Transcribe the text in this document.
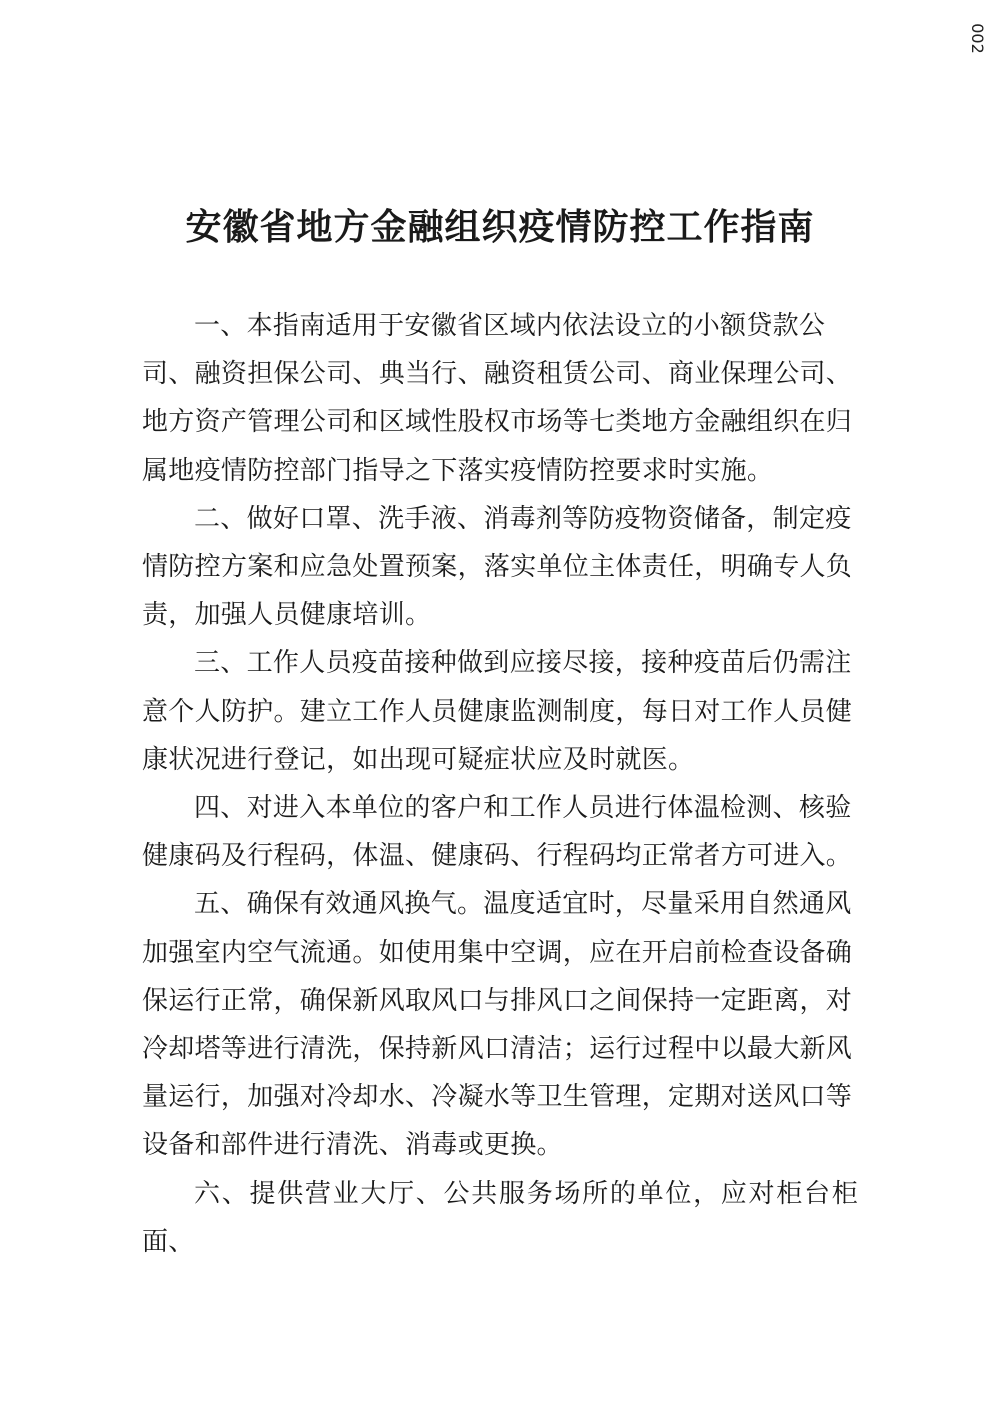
002
安徽省地方金融组织疫情防控工作指南

一、本指南适用于安徽省区域内依法设立的小额贷款公
司、融资担保公司、典当行、融资租赁公司、商业保理公司、
地方资产管理公司和区域性股权市场等七类地方金融组织在归
属地疫情防控部门指导之下落实疫情防控要求时实施。

二、做好口罩、洗手液、消毒剂等防疫物资储备，制定疫
情防控方案和应急处置预案，落实单位主体责任，明确专人负
责，加强人员健康培训。

三、工作人员疫苗接种做到应接尽接，接种疫苗后仍需注
意个人防护。建立工作人员健康监测制度，每日对工作人员健
康状况进行登记，如出现可疑症状应及时就医。

四、对进入本单位的客户和工作人员进行体温检测、核验
健康码及行程码，体温、健康码、行程码均正常者方可进入。

五、确保有效通风换气。温度适宜时，尽量采用自然通风
加强室内空气流通。如使用集中空调，应在开启前检查设备确
保运行正常，确保新风取风口与排风口之间保持一定距离，对
冷却塔等进行清洗，保持新风口清洁；运行过程中以最大新风
量运行，加强对冷却水、冷凝水等卫生管理，定期对送风口等
设备和部件进行清洗、消毒或更换。

六、提供营业大厅、公共服务场所的单位，应对柜台柜面、
